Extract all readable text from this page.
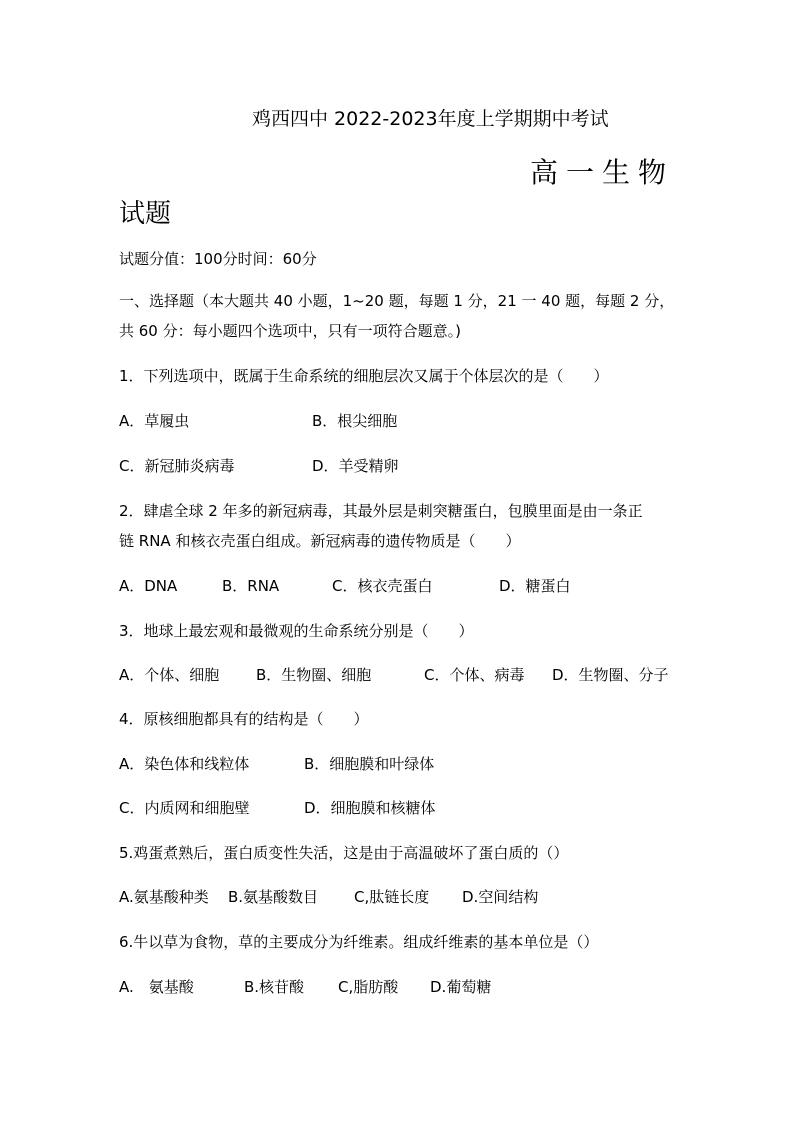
鸡西四中 2022-2023年度上学期期中考试
高一生物
试题
试题分值：100分时间：60分
一、选择题（本大题共 40 小题，1~20 题，每题 1 分，21 一 40 题，每题 2 分，
共 60 分：每小题四个选项中，只有一项符合题意。)
1．下列选项中，既属于生命系统的细胞层次又属于个体层次的是（　　）
A．草履虫	B．根尖细胞
C．新冠肺炎病毒	D．羊受精卵
2．肆虐全球 2 年多的新冠病毒，其最外层是刺突糖蛋白，包膜里面是由一条正
链 RNA 和核衣壳蛋白组成。新冠病毒的遗传物质是（　　）
A．DNA	B．RNA	C．核衣壳蛋白	D．糖蛋白
3．地球上最宏观和最微观的生命系统分别是（　　）
A．个体、细胞 B．生物圈、细胞	C．个体、病毒 D．生物圈、分子
4．原核细胞都具有的结构是（　　）
A．染色体和线粒体	B．细胞膜和叶绿体
C．内质网和细胞壁	D．细胞膜和核糖体
5.鸡蛋煮熟后，蛋白质变性失活，这是由于高温破坏了蛋白质的（）
A.氨基酸种类 B.氨基酸数目 C,肽链长度 D.空间结构
6.牛以草为食物，草的主要成分为纤维素。组成纤维素的基本单位是（）
A.　氨基酸	B.核苷酸 C,脂肪酸 D.葡萄糖
